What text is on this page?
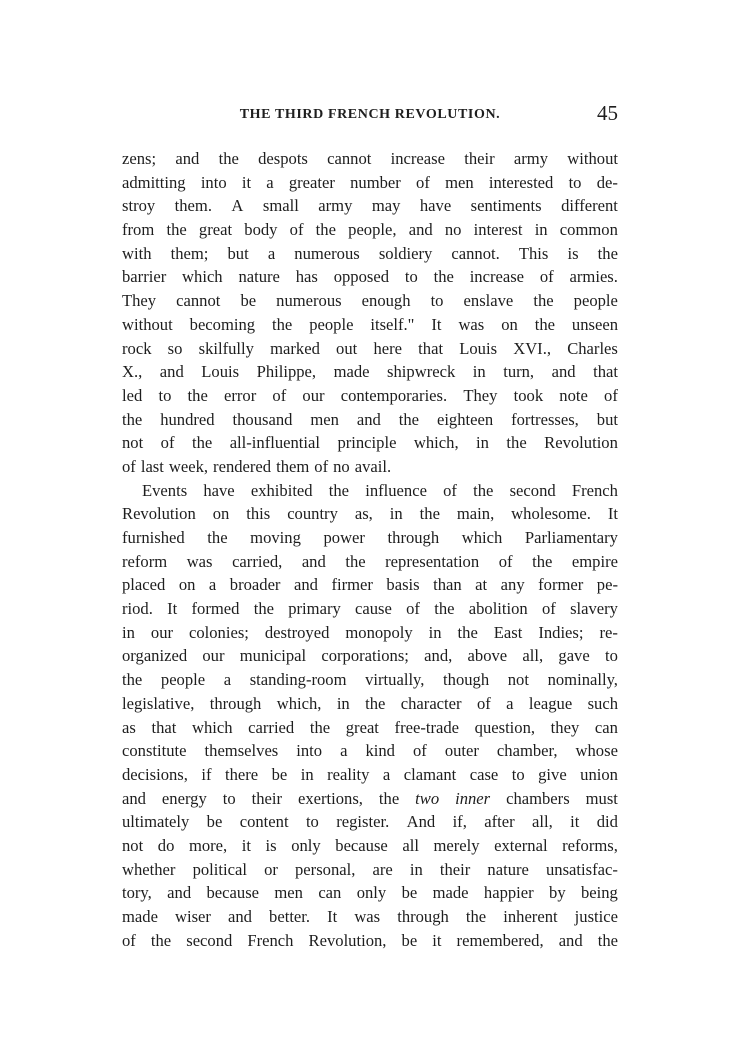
THE THIRD FRENCH REVOLUTION.	45
zens; and the despots cannot increase their army without
admitting into it a greater number of men interested to de-
stroy them. A small army may have sentiments different
from the great body of the people, and no interest in common
with them; but a numerous soldiery cannot. This is the
barrier which nature has opposed to the increase of armies.
They cannot be numerous enough to enslave the people
without becoming the people itself." It was on the unseen
rock so skilfully marked out here that Louis XVI., Charles
X., and Louis Philippe, made shipwreck in turn, and that
led to the error of our contemporaries. They took note of
the hundred thousand men and the eighteen fortresses, but
not of the all-influential principle which, in the Revolution
of last week, rendered them of no avail.
Events have exhibited the influence of the second French
Revolution on this country as, in the main, wholesome. It
furnished the moving power through which Parliamentary
reform was carried, and the representation of the empire
placed on a broader and firmer basis than at any former pe-
riod. It formed the primary cause of the abolition of slavery
in our colonies; destroyed monopoly in the East Indies; re-
organized our municipal corporations; and, above all, gave to
the people a standing-room virtually, though not nominally,
legislative, through which, in the character of a league such
as that which carried the great free-trade question, they can
constitute themselves into a kind of outer chamber, whose
decisions, if there be in reality a clamant case to give union
and energy to their exertions, the two inner chambers must
ultimately be content to register. And if, after all, it did
not do more, it is only because all merely external reforms,
whether political or personal, are in their nature unsatisfac-
tory, and because men can only be made happier by being
made wiser and better. It was through the inherent justice
of the second French Revolution, be it remembered, and the
